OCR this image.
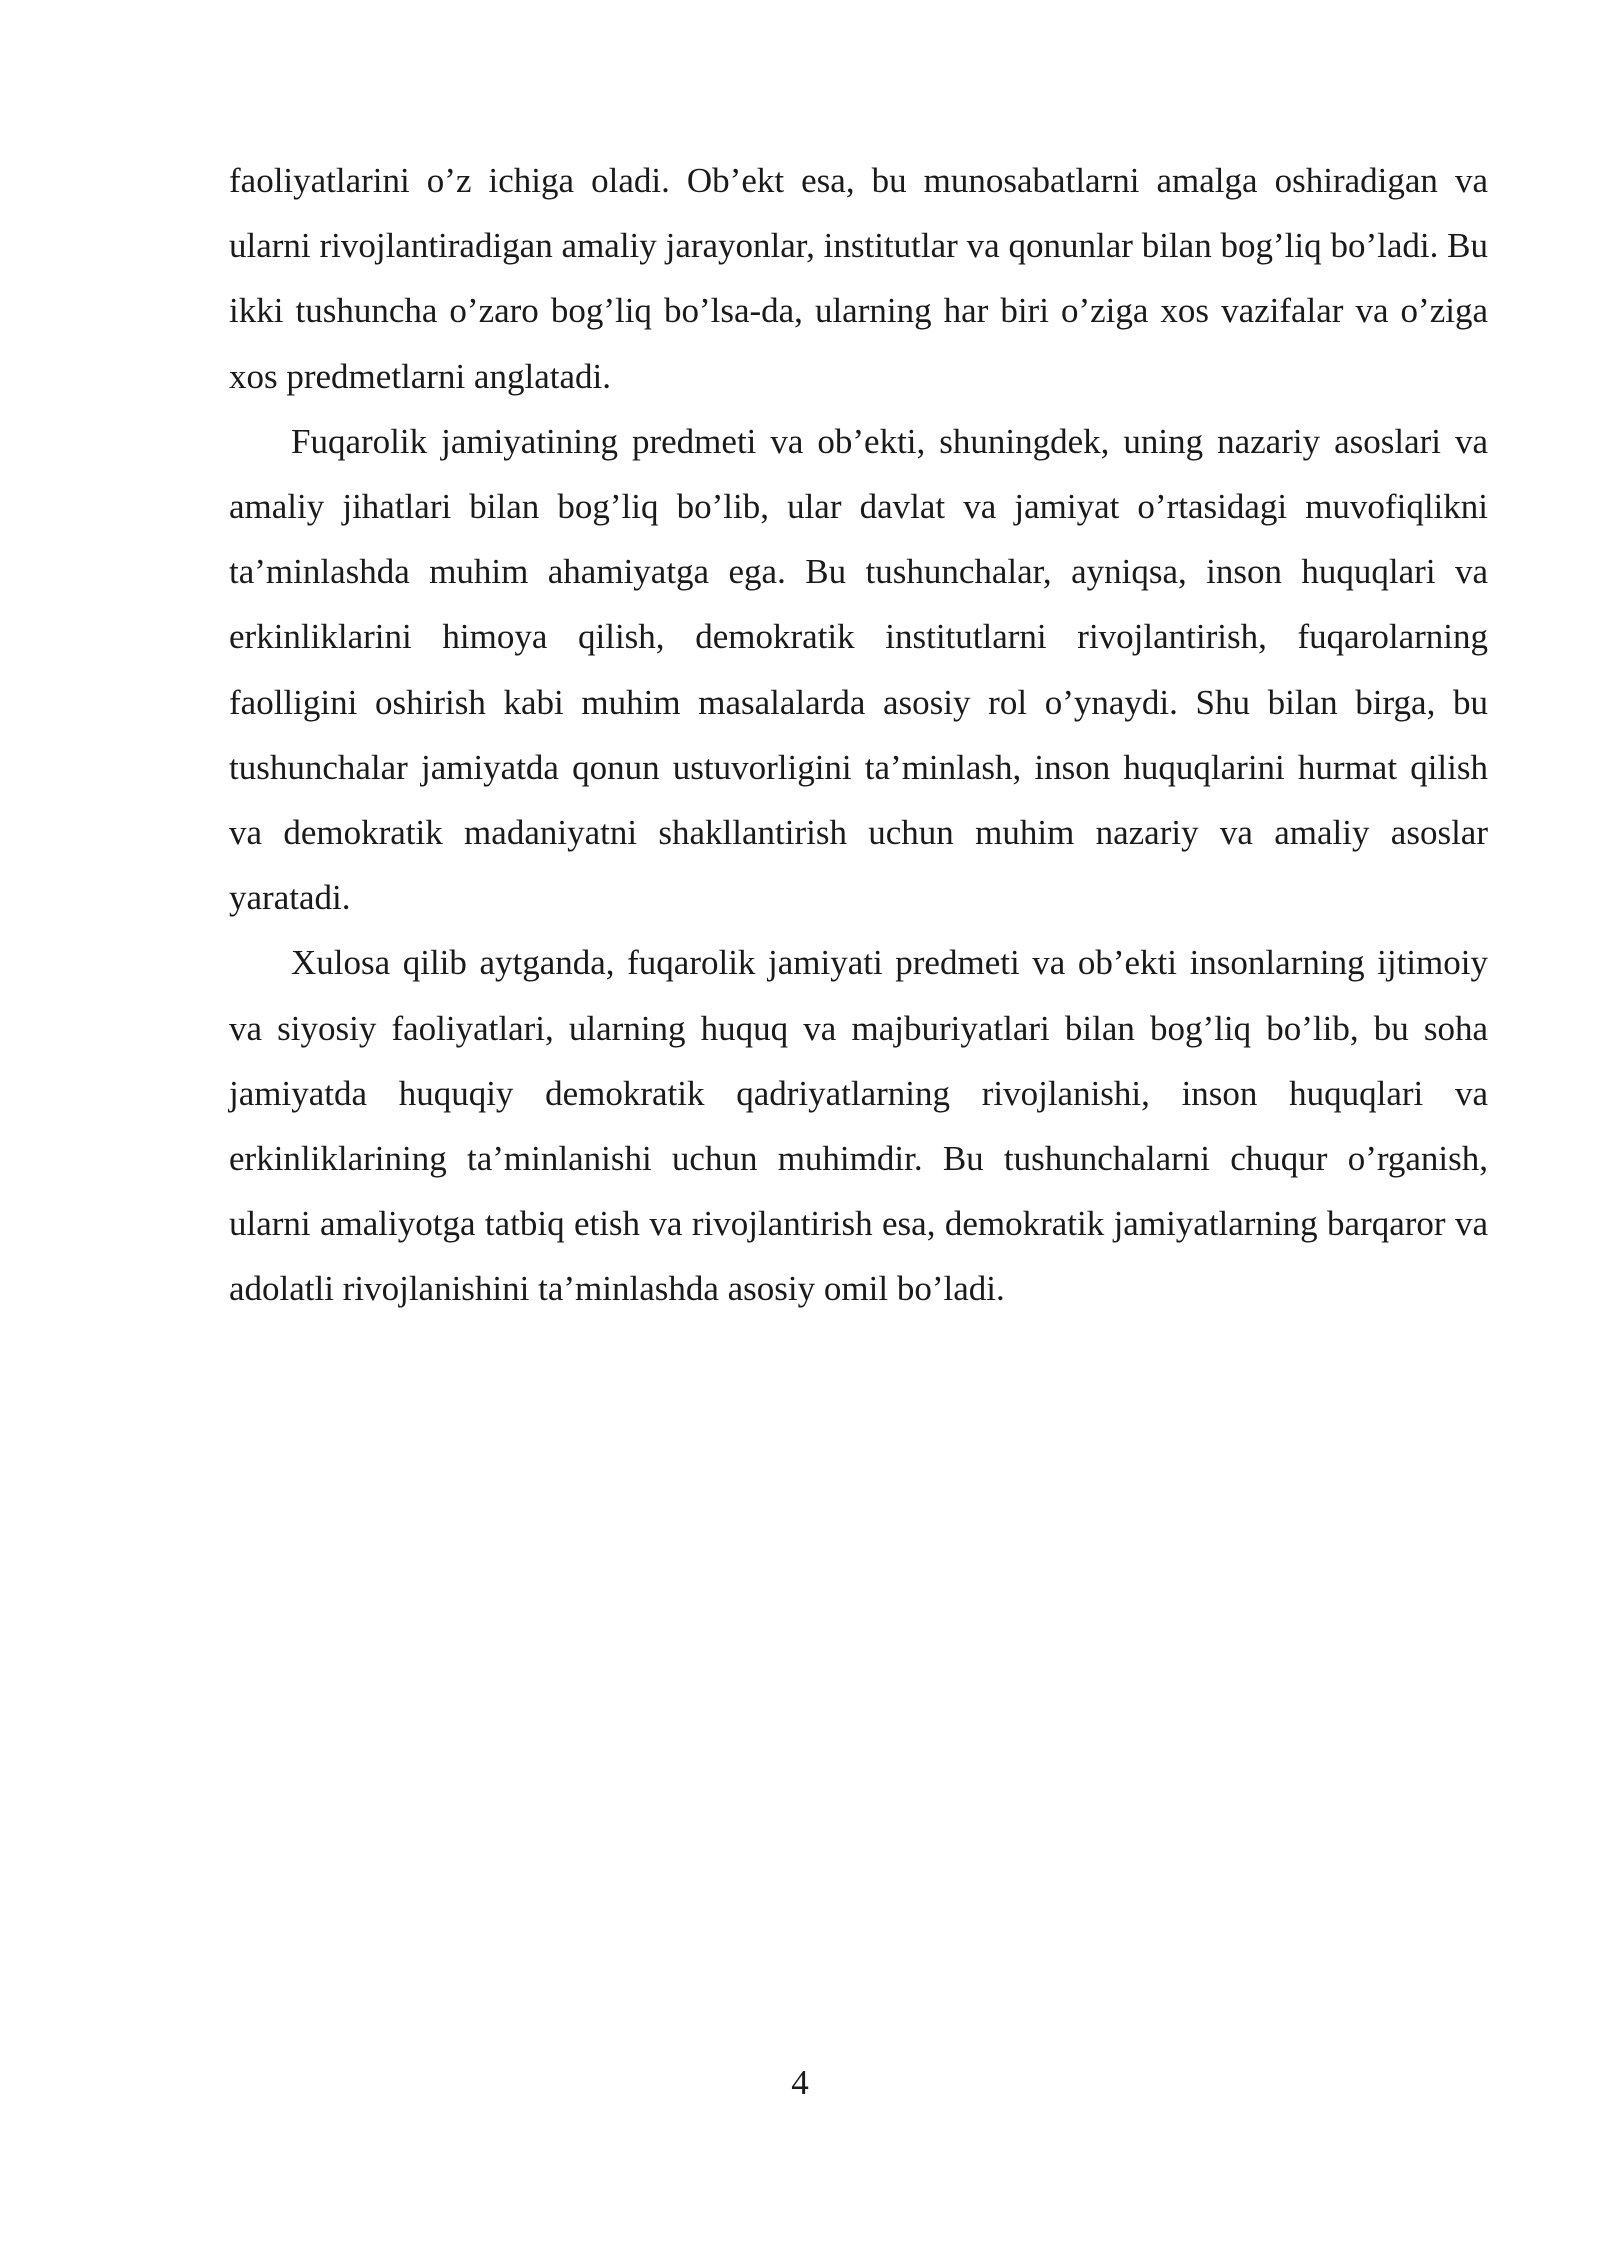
faoliyatlarini o’z ichiga oladi. Ob’ekt esa, bu munosabatlarni amalga oshiradigan va ularni rivojlantiradigan amaliy jarayonlar, institutlar va qonunlar bilan bog’liq bo’ladi. Bu ikki tushuncha o’zaro bog’liq bo’lsa-da, ularning har biri o’ziga xos vazifalar va o’ziga xos predmetlarni anglatadi.

Fuqarolik jamiyatining predmeti va ob’ekti, shuningdek, uning nazariy asoslari va amaliy jihatlari bilan bog’liq bo’lib, ular davlat va jamiyat o’rtasidagi muvofiqlikni ta’minlashda muhim ahamiyatga ega. Bu tushunchalar, ayniqsa, inson huquqlari va erkinliklarini himoya qilish, demokratik institutlarni rivojlantirish, fuqarolarning faolligini oshirish kabi muhim masalalarda asosiy rol o’ynaydi. Shu bilan birga, bu tushunchalar jamiyatda qonun ustuvorligini ta’minlash, inson huquqlarini hurmat qilish va demokratik madaniyatni shakllantirish uchun muhim nazariy va amaliy asoslar yaratadi.

Xulosa qilib aytganda, fuqarolik jamiyati predmeti va ob’ekti insonlarning ijtimoiy va siyosiy faoliyatlari, ularning huquq va majburiyatlari bilan bog’liq bo’lib, bu soha jamiyatda huquqiy demokratik qadriyatlarning rivojlanishi, inson huquqlari va erkinliklarining ta’minlanishi uchun muhimdir. Bu tushunchalarni chuqur o’rganish, ularni amaliyotga tatbiq etish va rivojlantirish esa, demokratik jamiyatlarning barqaror va adolatli rivojlanishini ta’minlashda asosiy omil bo’ladi.

4
